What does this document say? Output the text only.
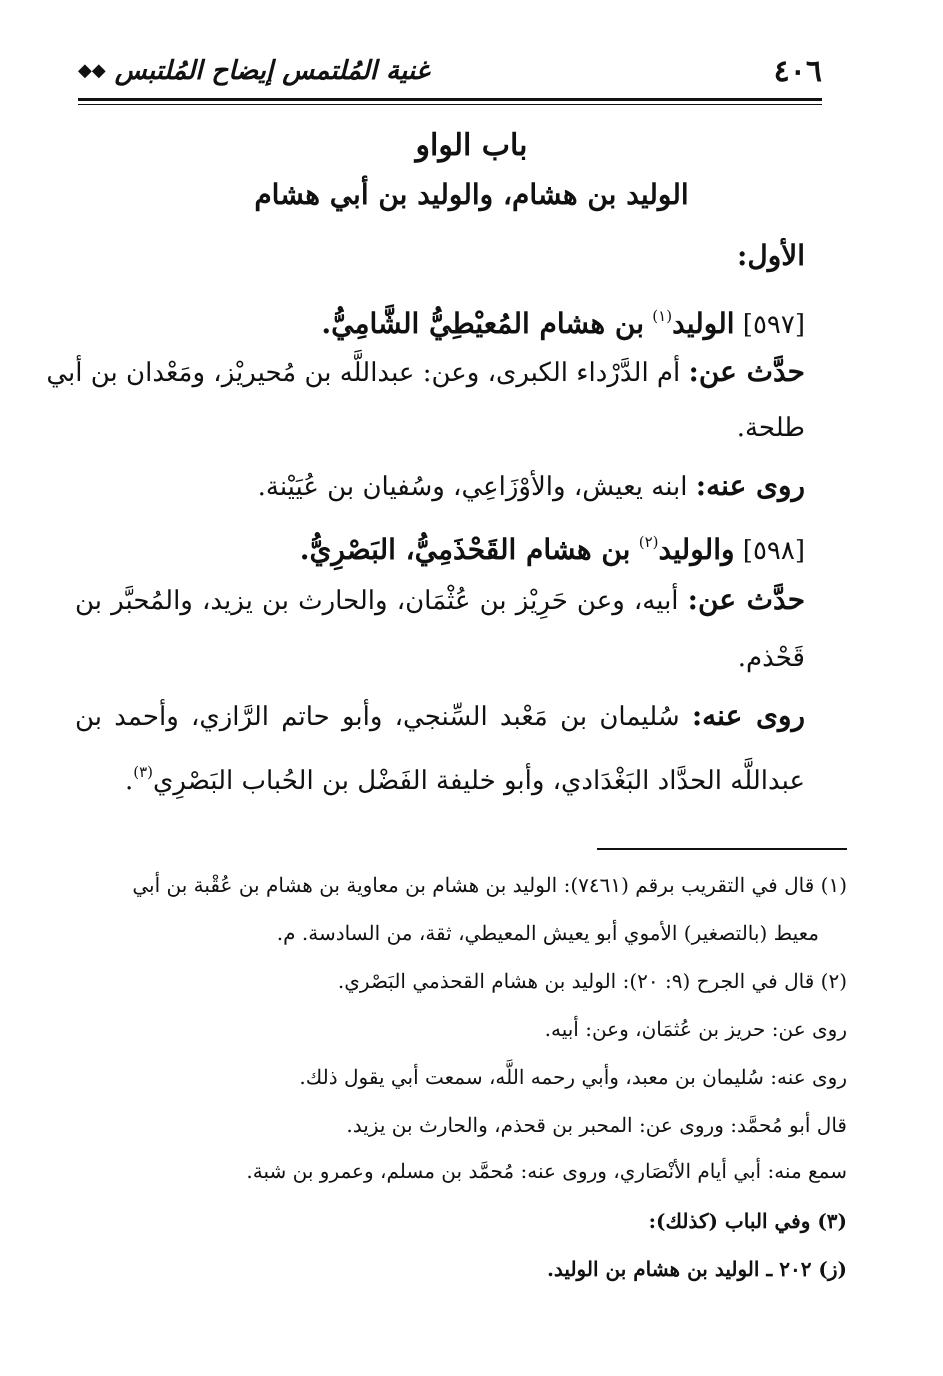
٤٠٦
غنية المُلتمس إيضاح المُلتبس ◆◆
باب الواو
الوليد بن هشام، والوليد بن أبي هشام
الأول:
[٥٩٧] الوليد$^{(١)}$ بن هشام المُعيْطِيُّ الشَّامِيُّ.
حدَّث عن: أم الدَّرْداء الكبرى، وعن: عبداللَّه بن مُحيريْز، ومَعْدان بن أبي
طلحة.
روى عنه: ابنه يعيش، والأوْزَاعِي، وسُفيان بن عُيَيْنة.
[٥٩٨] والوليد$^{(٢)}$ بن هشام القَحْذَمِيُّ، البَصْرِيُّ.
حدَّث عن: أبيه، وعن حَرِيْز بن عُثْمَان، والحارث بن يزيد، والمُحبَّر بن
قَحْذم.
روى عنه: سُليمان بن مَعْبد السِّنجي، وأبو حاتم الرَّازي، وأحمد بن
عبداللَّه الحدَّاد البَغْدَادي، وأبو خليفة الفَضْل بن الحُباب البَصْرِي$^{(٣)}$.
(١) قال في التقريب برقم (٧٤٦١): الوليد بن هشام بن معاوية بن هشام بن عُقْبة بن أبي
معيط (بالتصغير) الأموي أبو يعيش المعيطي، ثقة، من السادسة. م.
(٢) قال في الجرح (٩: ٢٠): الوليد بن هشام القحذمي البَصْري.
روى عن: حريز بن عُثمَان، وعن: أبيه.
روى عنه: سُليمان بن معبد، وأبي رحمه اللَّه، سمعت أبي يقول ذلك.
قال أبو مُحمَّد: وروى عن: المحبر بن قحذم، والحارث بن يزيد.
سمع منه: أبي أيام الأنْصَاري، وروى عنه: مُحمَّد بن مسلم، وعمرو بن شبة.
(٣) وفي الباب (كذلك):
(ز) ٢٠٢ ـ الوليد بن هشام بن الوليد.
